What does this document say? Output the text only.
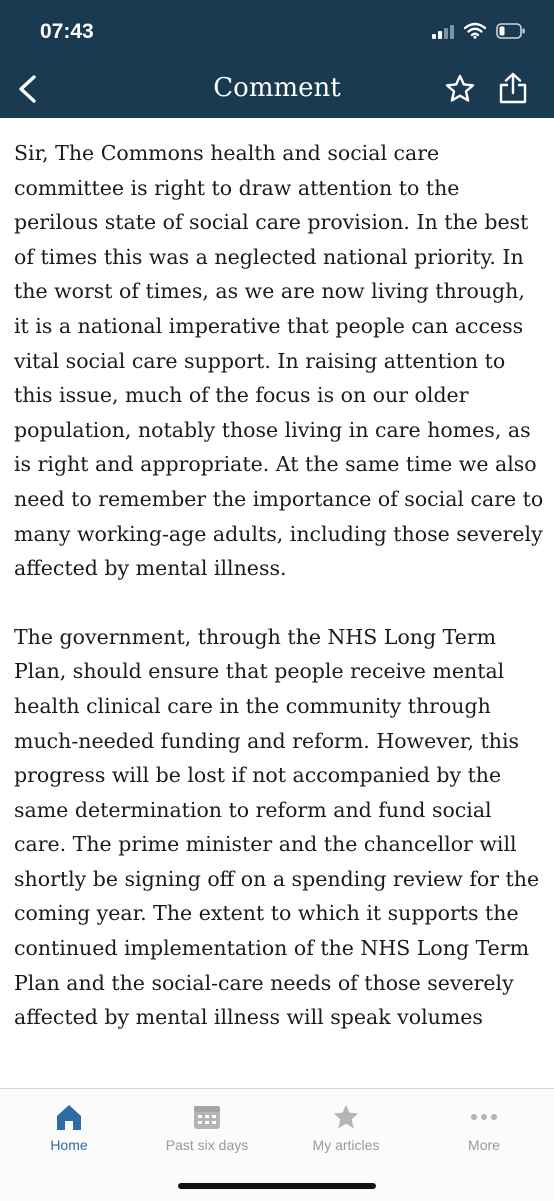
07:43
Comment

Sir, The Commons health and social care committee is right to draw attention to the perilous state of social care provision. In the best of times this was a neglected national priority. In the worst of times, as we are now living through, it is a national imperative that people can access vital social care support. In raising attention to this issue, much of the focus is on our older population, notably those living in care homes, as is right and appropriate. At the same time we also need to remember the importance of social care to many working-age adults, including those severely affected by mental illness.

The government, through the NHS Long Term Plan, should ensure that people receive mental health clinical care in the community through much-needed funding and reform. However, this progress will be lost if not accompanied by the same determination to reform and fund social care. The prime minister and the chancellor will shortly be signing off on a spending review for the coming year. The extent to which it supports the continued implementation of the NHS Long Term Plan and the social-care needs of those severely affected by mental illness will speak volumes

Home	Past six days	My articles	More
